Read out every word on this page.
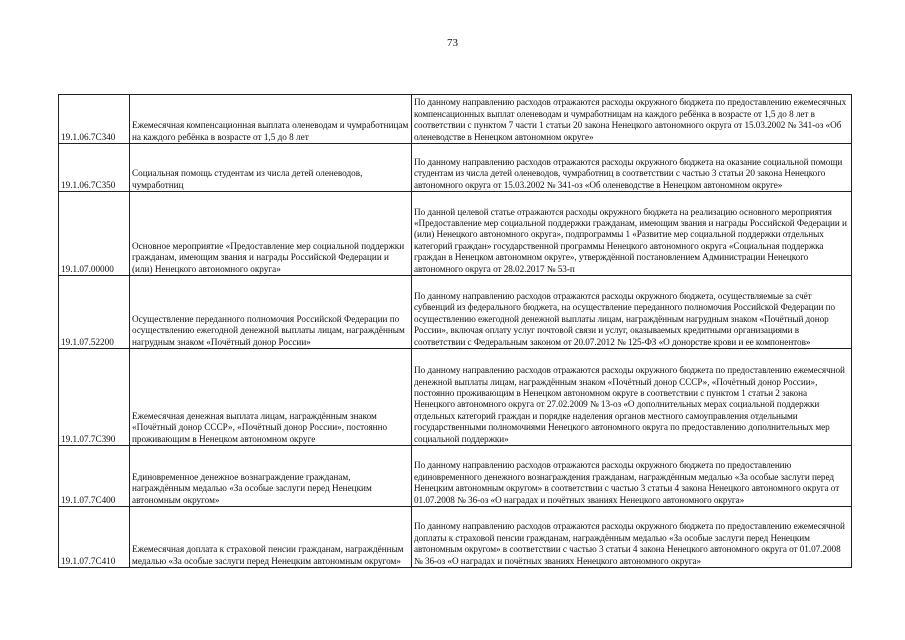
73
19.1.06.7С340	Ежемесячная компенсационная выплата оленеводам и чумработницам на каждого ребёнка в возрасте от 1,5 до 8 лет	По данному направлению расходов отражаются расходы окружного бюджета по предоставлению ежемесячных компенсационных выплат оленеводам и чумработницам на каждого ребёнка в возрасте от 1,5 до 8 лет в соответствии с пунктом 7 части 1 статьи 20 закона Ненецкого автономного округа от 15.03.2002 № 341-оз «Об оленеводстве в Ненецком автономном округе»
19.1.06.7С350	Социальная помощь студентам из числа детей оленеводов, чумработниц	По данному направлению расходов отражаются расходы окружного бюджета на оказание социальной помощи студентам из числа детей оленеводов, чумработниц в соответствии с частью 3 статьи 20 закона Ненецкого автономного округа от 15.03.2002 № 341-оз «Об оленеводстве в Ненецком автономном округе»
19.1.07.00000	Основное мероприятие «Предоставление мер социальной поддержки гражданам, имеющим звания и награды Российской Федерации и (или) Ненецкого автономного округа»	По данной целевой статье отражаются расходы окружного бюджета на реализацию основного мероприятия «Предоставление мер социальной поддержки гражданам, имеющим звания и награды Российской Федерации и (или) Ненецкого автономного округа», подпрограммы 1 «Развитие мер социальной поддержки отдельных категорий граждан» государственной программы Ненецкого автономного округа «Социальная поддержка граждан в Ненецком автономном округе», утверждённой постановлением Администрации Ненецкого автономного округа от 28.02.2017 № 53-п
19.1.07.52200	Осуществление переданного полномочия Российской Федерации по осуществлению ежегодной денежной выплаты лицам, награждённым нагрудным знаком «Почётный донор России»	По данному направлению расходов отражаются расходы окружного бюджета, осуществляемые за счёт субвенций из федерального бюджета, на осуществление переданного полномочия Российской Федерации по осуществлению ежегодной денежной выплаты лицам, награждённым нагрудным знаком «Почётный донор России», включая оплату услуг почтовой связи и услуг, оказываемых кредитными организациями в соответствии с Федеральным законом от 20.07.2012 № 125-ФЗ «О донорстве крови и ее компонентов»
19.1.07.7С390	Ежемесячная денежная выплата лицам, награждённым знаком «Почётный донор СССР», «Почётный донор России», постоянно проживающим в Ненецком автономном округе	По данному направлению расходов отражаются расходы окружного бюджета по предоставлению ежемесячной денежной выплаты лицам, награждённым знаком «Почётный донор СССР», «Почётный донор России», постоянно проживающим в Ненецком автономном округе в соответствии с пунктом 1 статьи 2 закона Ненецкого автономного округа от 27.02.2009 № 13-оз «О дополнительных мерах социальной поддержки отдельных категорий граждан и порядке наделения органов местного самоуправления отдельными государственными полномочиями Ненецкого автономного округа по предоставлению дополнительных мер социальной поддержки»
19.1.07.7С400	Единовременное денежное вознаграждение гражданам, награждённым медалью «За особые заслуги перед Ненецким автономным округом»	По данному направлению расходов отражаются расходы окружного бюджета по предоставлению единовременного денежного вознаграждения гражданам, награждённым медалью «За особые заслуги перед Ненецким автономным округом» в соответствии с частью 3 статьи 4 закона Ненецкого автономного округа от 01.07.2008 № 36-оз «О наградах и почётных званиях Ненецкого автономного округа»
19.1.07.7С410	Ежемесячная доплата к страховой пенсии гражданам, награждённым медалью «За особые заслуги перед Ненецким автономным округом»	По данному направлению расходов отражаются расходы окружного бюджета по предоставлению ежемесячной доплаты к страховой пенсии гражданам, награждённым медалью «За особые заслуги перед Ненецким автономным округом» в соответствии с частью 3 статьи 4 закона Ненецкого автономного округа от 01.07.2008 № 36-оз «О наградах и почётных званиях Ненецкого автономного округа»
